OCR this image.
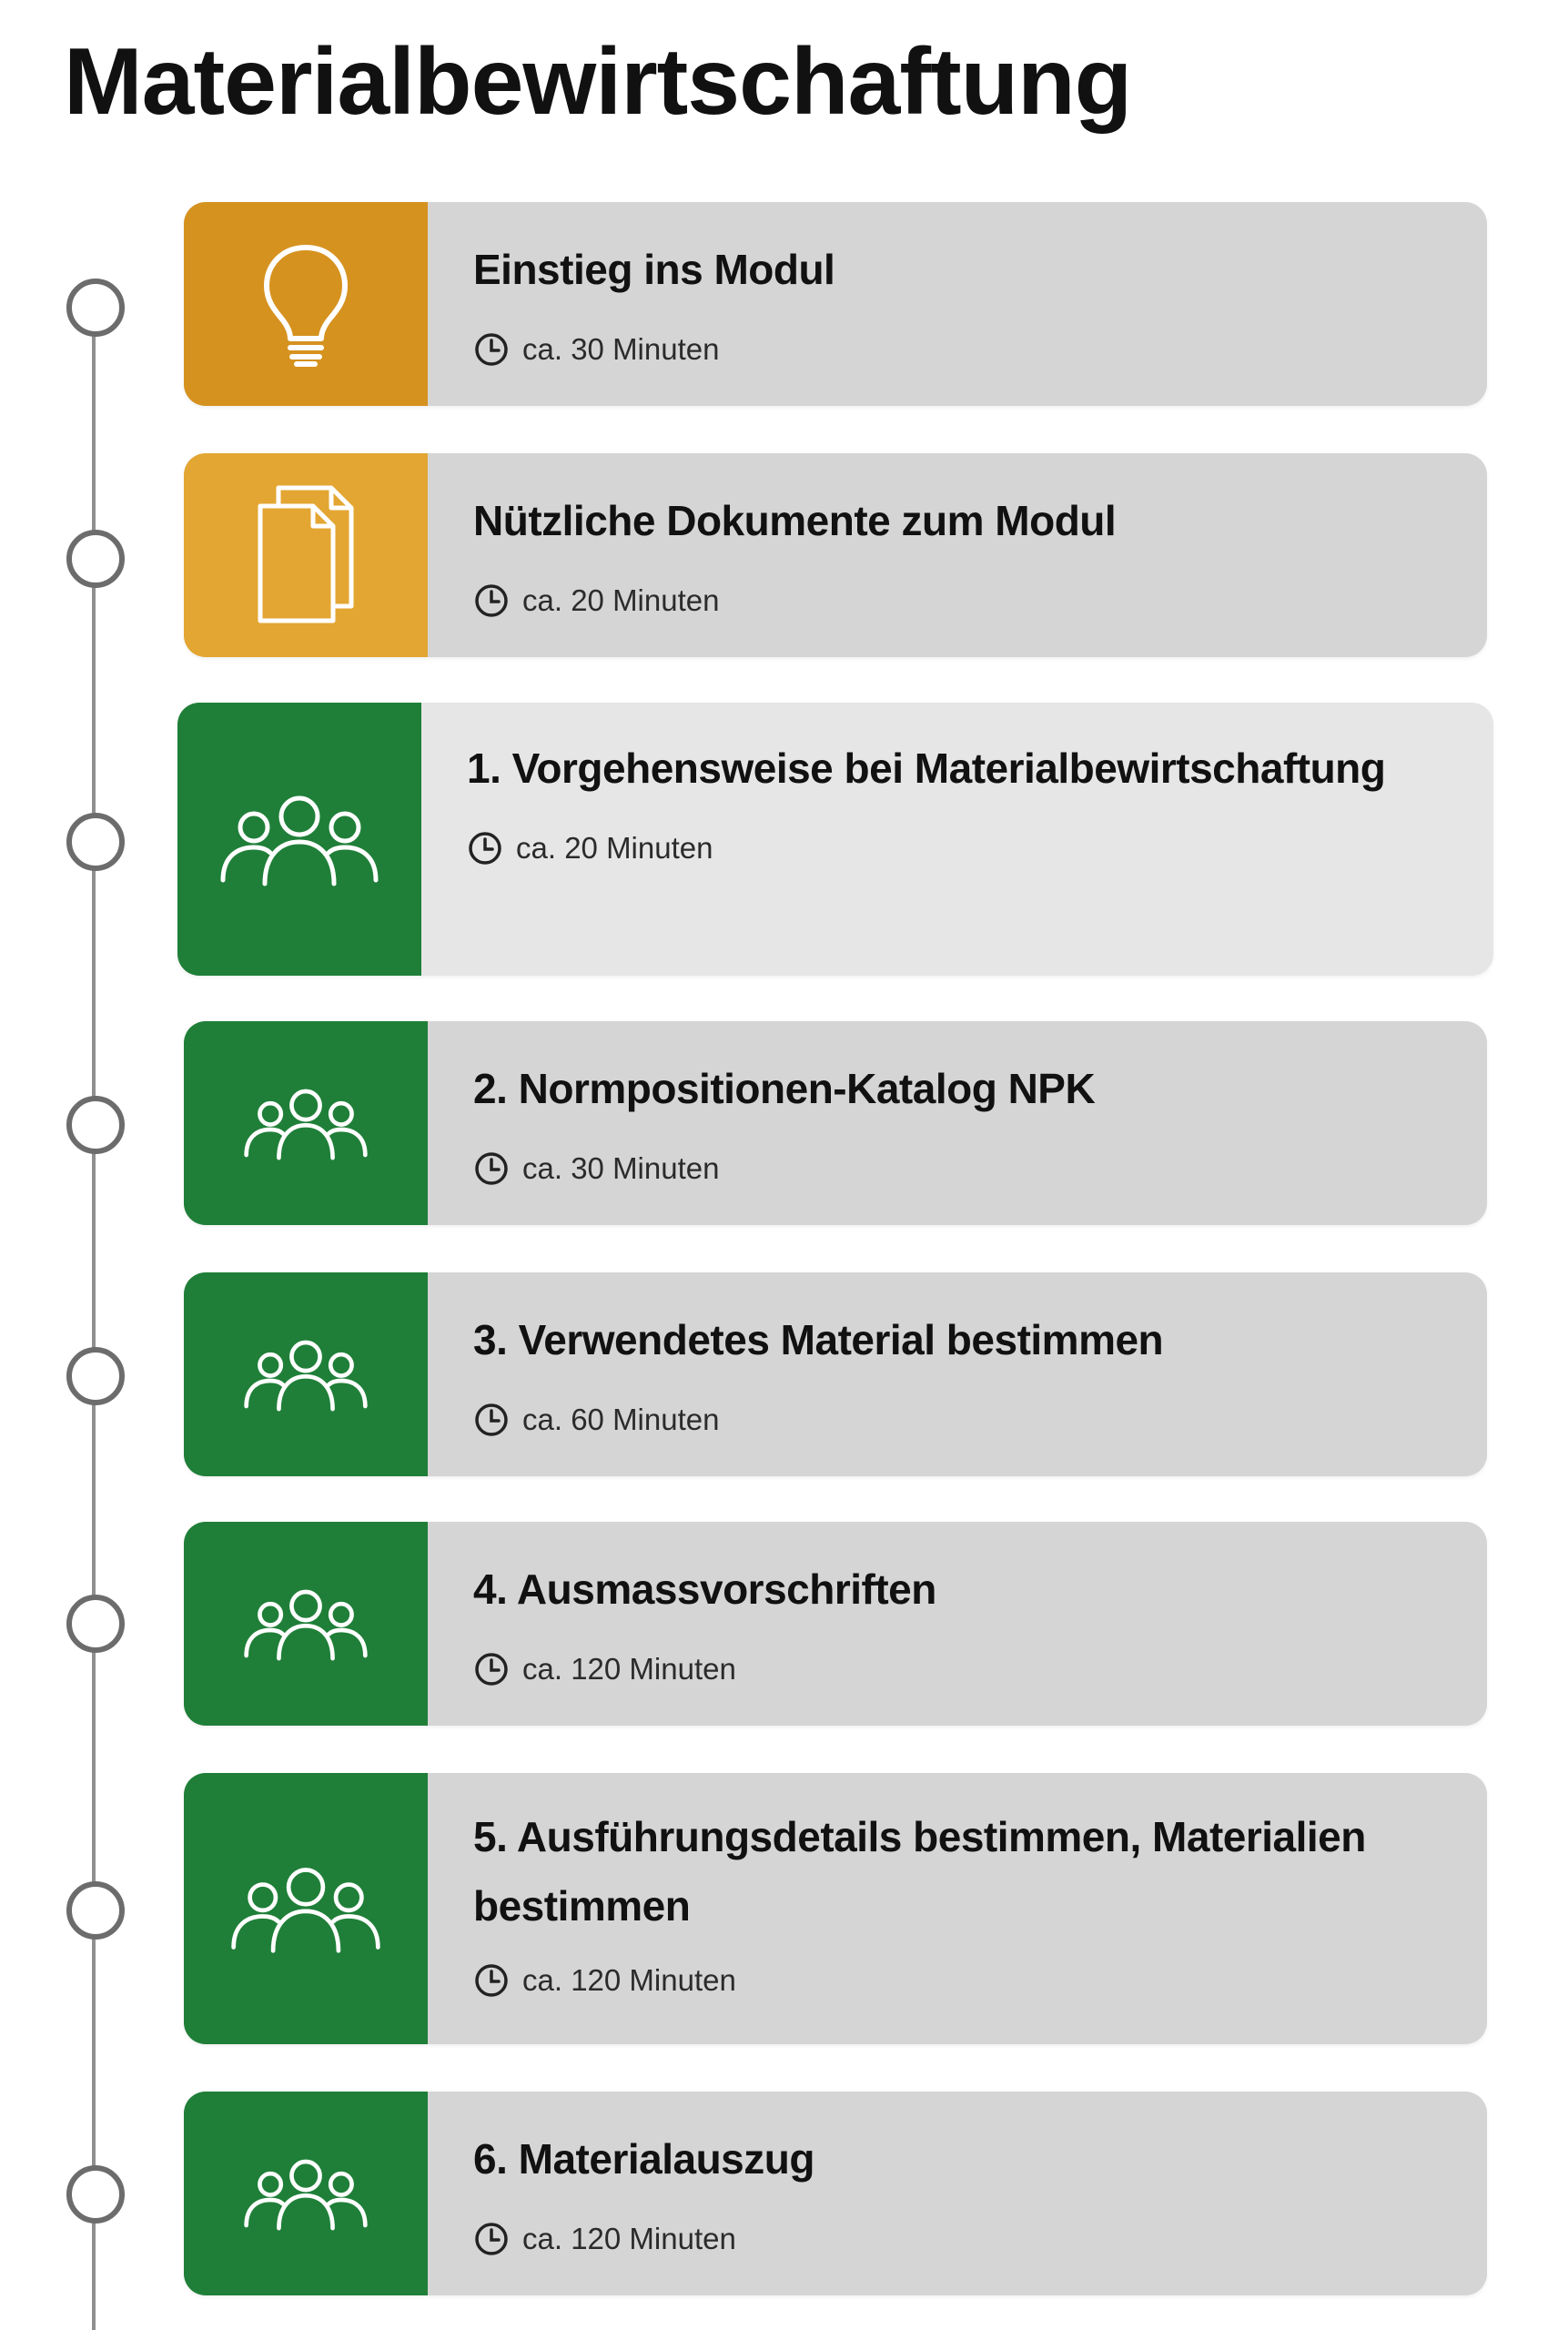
Materialbewirtschaftung

Einstieg ins Modul

ca. 30 Minuten

Nützliche Dokumente zum Modul

ca. 20 Minuten

1. Vorgehensweise bei Materialbewirtschaftung

ca. 20 Minuten

2. Normpositionen-Katalog NPK

ca. 30 Minuten

3. Verwendetes Material bestimmen

ca. 60 Minuten

4. Ausmassvorschriften

ca. 120 Minuten

5. Ausführungsdetails bestimmen, Materialien bestimmen

ca. 120 Minuten

6. Materialauszug

ca. 120 Minuten
